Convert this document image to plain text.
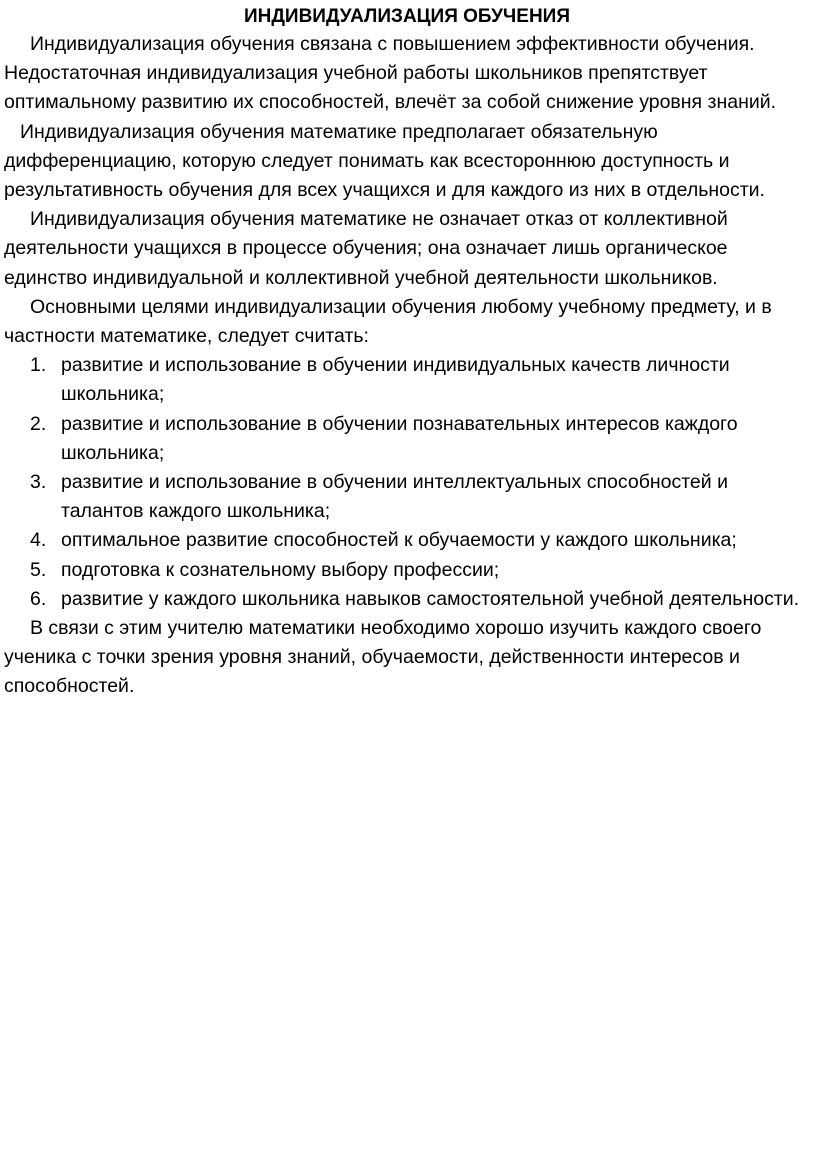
ИНДИВИДУАЛИЗАЦИЯ ОБУЧЕНИЯ

Индивидуализация обучения связана с повышением эффективности обучения. Недостаточная индивидуализация учебной работы школьников препятствует оптимальному развитию их способностей, влечёт за собой снижение уровня знаний.

Индивидуализация обучения математике предполагает обязательную дифференциацию, которую следует понимать как всестороннюю доступность и результативность обучения для всех учащихся и для каждого из них в отдельности.

Индивидуализация обучения математике не означает отказ от коллективной деятельности учащихся в процессе обучения; она означает лишь органическое единство индивидуальной и коллективной учебной деятельности школьников.

Основными целями индивидуализации обучения любому учебному предмету, и в частности математике, следует считать:

1. развитие и использование в обучении индивидуальных качеств личности школьника;
2. развитие и использование в обучении познавательных интересов каждого школьника;
3. развитие и использование в обучении интеллектуальных способностей и талантов каждого школьника;
4. оптимальное развитие способностей к обучаемости у каждого школьника;
5. подготовка к сознательному выбору профессии;
6. развитие у каждого школьника навыков самостоятельной учебной деятельности.

В связи с этим учителю математики необходимо хорошо изучить каждого своего ученика с точки зрения уровня знаний, обучаемости, действенности интересов и способностей.
